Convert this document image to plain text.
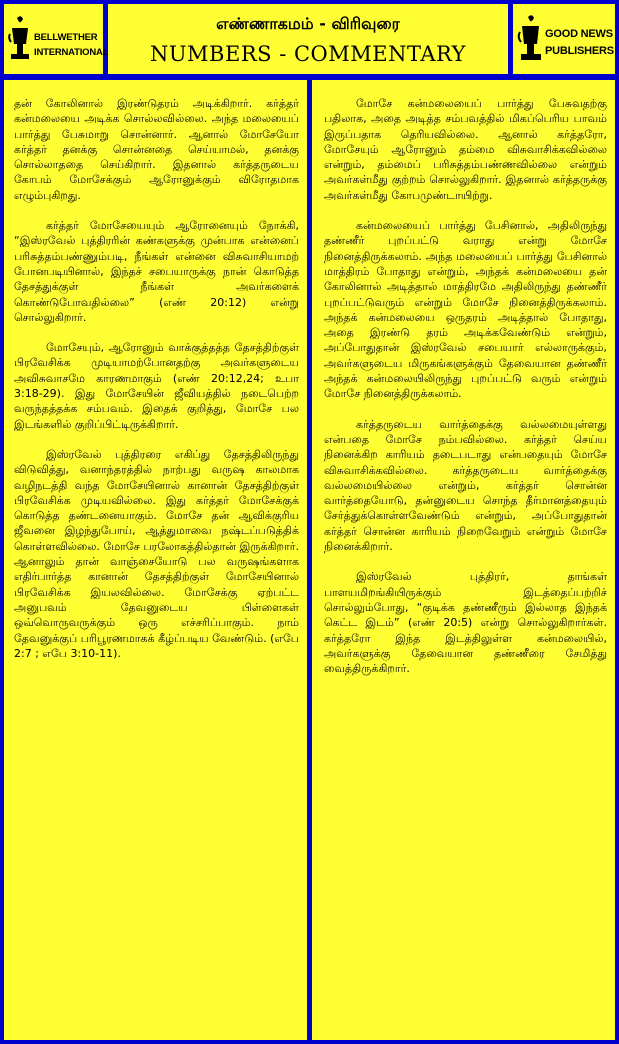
BELLWETHER
INTERNATIONAL
எண்ணாகமம் - விரிவுரை
NUMBERS - COMMENTARY
GOOD NEWS
PUBLISHERS

தன் கோலினால் இரண்டுதரம் அடிக்கிறார். கர்த்தர் கன்மலையை அடிக்க சொல்லவில்லை. அந்த மலையைப் பார்த்து பேசுமாறு சொன்னார். ஆனால் மோசேயோ கர்த்தர் தனக்கு சொன்னதை செய்யாமல், தனக்கு சொல்லாததை செய்கிறார். இதனால் கர்த்தருடைய கோபம் மோசேக்கும் ஆரோனுக்கும் விரோதமாக எழும்புகிறது.

கர்த்தர் மோசேயையும் ஆரோனையும் நோக்கி, “இஸ்ரவேல் புத்திரரின் கண்களுக்கு முன்பாக என்னைப் பரிசுத்தம்பண்ணும்படி, நீங்கள் என்னை விசுவாசியாமற் போனபடியினால், இந்தச் சபையாருக்கு நான் கொடுத்த தேசத்துக்குள் நீங்கள் அவர்களைக் கொண்டுபோவதில்லை” (எண் 20:12) என்று சொல்லுகிறார்.

மோசேயும், ஆரோனும் வாக்குத்தத்த தேசத்திற்குள் பிரவேசிக்க முடியாமற்போனதற்கு அவர்களுடைய அவிசுவாசமே காரணமாகும் (எண் 20:12,24; உபா 3:18-29). இது மோசேயின் ஜீவியத்தில் நடைபெற்ற வருந்தத்தக்க சம்பவம். இதைக் குறித்து, மோசே பல இடங்களில் குறிப்பிட்டிருக்கிறார்.

இஸ்ரவேல் புத்திரரை எகிப்து தேசத்திலிருந்து விடுவித்து, வனாந்தரத்தில் நாற்பது வருஷ காலமாக வழிநடத்தி வந்த மோசேயினால் கானான் தேசத்திற்குள் பிரவேசிக்க முடியவில்லை. இது கர்த்தர் மோசேக்குக் கொடுத்த தண்டனையாகும். மோசே தன் ஆவிக்குரிய ஜீவனை இழந்துபோய், ஆத்துமாவை நஷ்டப்படுத்திக் கொள்ளவில்லை. மோசே பரலோகத்தில்தான் இருக்கிறார். ஆனாலும் தான் வாஞ்சையோடு பல வருஷங்களாக எதிர்பார்த்த கானான் தேசத்திற்குள் மோசேயினால் பிரவேசிக்க இயலவில்லை. மோசேக்கு ஏற்பட்ட அனுபவம் தேவனுடைய பிள்ளைகள் ஒவ்வொருவருக்கும் ஒரு எச்சரிப்பாகும். நாம் தேவனுக்குப் பரிபூரணமாகக் கீழ்ப்படிய வேண்டும். (எபே 2:7 ; எபே 3:10-11).

மோசே கன்மலையைப் பார்த்து பேசுவதற்கு பதிலாக, அதை அடித்த சம்பவத்தில் மிகப்பெரிய பாவம் இருப்பதாக தெரியவில்லை. ஆனால் கர்த்தரோ, மோசேயும் ஆரோனும் தம்மை விசுவாசிக்கவில்லை என்றும், தம்மைப் பரிசுத்தம்பண்ணவில்லை என்றும் அவர்கள்மீது குற்றம் சொல்லுகிறார். இதனால் கர்த்தருக்கு அவர்கள்மீது கோபமுண்டாயிற்று.

கன்மலையைப் பார்த்து பேசினால், அதிலிருந்து தண்ணீர் புறப்பட்டு வராது என்று மோசே நினைத்திருக்கலாம். அந்த மலையைப் பார்த்து பேசினால் மாத்திரம் போதாது என்றும், அந்தக் கன்மலையை தன் கோலினால் அடித்தால் மாத்திரமே அதிலிருந்து தண்ணீர் புறப்பட்டுவரும் என்றும் மோசே நினைத்திருக்கலாம். அந்தக் கன்மலையை ஒருதரம் அடித்தால் போதாது, அதை இரண்டு தரம் அடிக்கவேண்டும் என்றும், அப்போதுதான் இஸ்ரவேல் சபையார் எல்லாருக்கும், அவர்களுடைய மிருகங்களுக்கும் தேவையான தண்ணீர் அந்தக் கன்மலையிலிருந்து புறப்பட்டு வரும் என்றும் மோசே நினைத்திருக்கலாம்.

கர்த்தருடைய வார்த்தைக்கு வல்லமையுள்ளது என்பதை மோசே நம்பவில்லை. கர்த்தர் செய்ய நினைக்கிற காரியம் தடைபடாது என்பதையும் மோசே விசுவாசிக்கவில்லை. கர்த்தருடைய வார்த்தைக்கு வல்லமையில்லை என்றும், கர்த்தர் சொன்ன வார்த்தையோடு, தன்னுடைய சொந்த தீர்மானத்தையும் சேர்த்துக்கொள்ளவேண்டும் என்றும், அப்போதுதான் கர்த்தர் சொன்ன காரியம் நிறைவேறும் என்றும் மோசே நினைக்கிறார்.

இஸ்ரவேல் புத்திரர், தாங்கள் பாளயமிறங்கியிருக்கும் இடத்தைப்பற்றிச் சொல்லும்போது, “குடிக்க தண்ணீரும் இல்லாத இந்தக் கெட்ட இடம்” (எண் 20:5) என்று சொல்லுகிறார்கள். கர்த்தரோ இந்த இடத்திலுள்ள கன்மலையில், அவர்களுக்கு தேவையான தண்ணீரை சேமித்து வைத்திருக்கிறார்.
